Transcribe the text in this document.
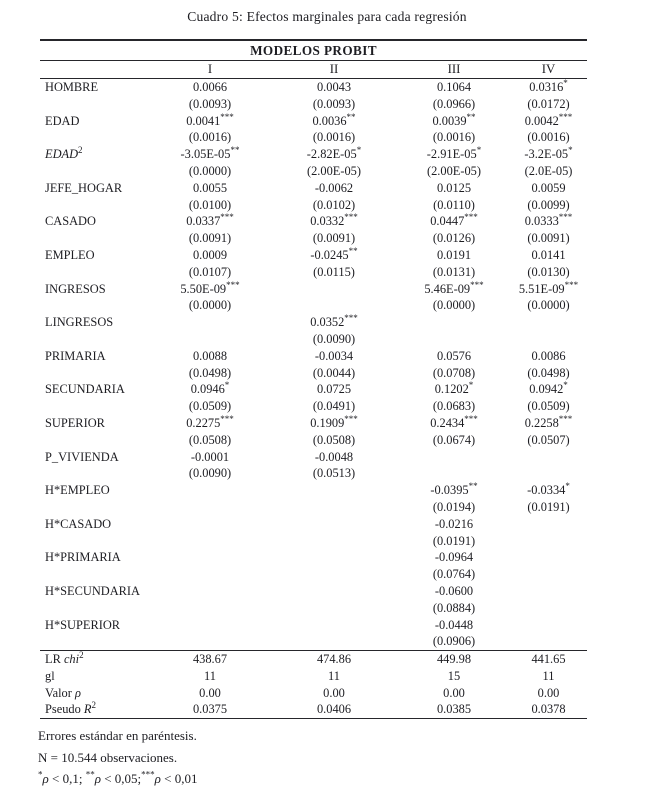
Cuadro 5: Efectos marginales para cada regresión
MODELOS PROBIT				
	I	II	III	IV
HOMBRE	0.0066	0.0043	0.1064	0.0316*
	(0.0093)	(0.0093)	(0.0966)	(0.0172)
EDAD	0.0041***	0.0036**	0.0039**	0.0042***
	(0.0016)	(0.0016)	(0.0016)	(0.0016)
EDAD$^2$	-3.05E-05**	-2.82E-05*	-2.91E-05*	-3.2E-05*
	(0.0000)	(2.00E-05)	(2.00E-05)	(2.0E-05)
JEFE_HOGAR	0.0055	-0.0062	0.0125	0.0059
	(0.0100)	(0.0102)	(0.0110)	(0.0099)
CASADO	0.0337***	0.0332***	0.0447***	0.0333***
	(0.0091)	(0.0091)	(0.0126)	(0.0091)
EMPLEO	0.0009	-0.0245**	0.0191	0.0141
	(0.0107)	(0.0115)	(0.0131)	(0.0130)
INGRESOS	5.50E-09***		5.46E-09***	5.51E-09***
	(0.0000)		(0.0000)	(0.0000)
LINGRESOS		0.0352***		
		(0.0090)		
PRIMARIA	0.0088	-0.0034	0.0576	0.0086
	(0.0498)	(0.0044)	(0.0708)	(0.0498)
SECUNDARIA	0.0946*	0.0725	0.1202*	0.0942*
	(0.0509)	(0.0491)	(0.0683)	(0.0509)
SUPERIOR	0.2275***	0.1909***	0.2434***	0.2258***
	(0.0508)	(0.0508)	(0.0674)	(0.0507)
P_VIVIENDA	-0.0001	-0.0048		
	(0.0090)	(0.0513)		
H*EMPLEO			-0.0395**	-0.0334*
			(0.0194)	(0.0191)
H*CASADO			-0.0216	
			(0.0191)	
H*PRIMARIA			-0.0964	
			(0.0764)	
H*SECUNDARIA			-0.0600	
			(0.0884)	
H*SUPERIOR			-0.0448	
			(0.0906)	
LR chi$^2$	438.67	474.86	449.98	441.65
gl	11	11	15	11
Valor ρ	0.00	0.00	0.00	0.00
Pseudo $R^2$	0.0375	0.0406	0.0385	0.0378
Errores estándar en paréntesis.
N = 10.544 observaciones.
*ρ < 0,1; **ρ < 0,05;***ρ < 0,01
